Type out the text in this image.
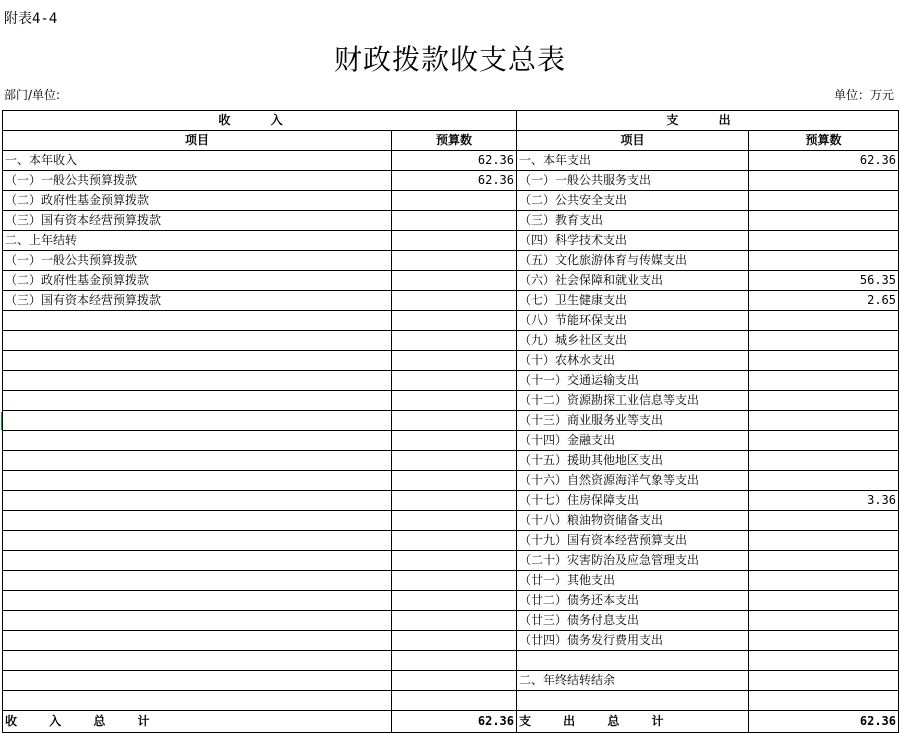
附表4-4
财政拨款收支总表
部门/单位:	单位：万元
收 入		支 出	
项目	预算数	项目	预算数
一、本年收入	62.36	一、本年支出	62.36
（一）一般公共预算拨款	62.36	（一）一般公共服务支出	
（二）政府性基金预算拨款		（二）公共安全支出	
（三）国有资本经营预算拨款		（三）教育支出	
二、上年结转		（四）科学技术支出	
（一）一般公共预算拨款		（五）文化旅游体育与传媒支出	
（二）政府性基金预算拨款		（六）社会保障和就业支出	56.35
（三）国有资本经营预算拨款		（七）卫生健康支出	2.65
		（八）节能环保支出	
		（九）城乡社区支出	
		（十）农林水支出	
		（十一）交通运输支出	
		（十二）资源勘探工业信息等支出	
		（十三）商业服务业等支出	
		（十四）金融支出	
		（十五）援助其他地区支出	
		（十六）自然资源海洋气象等支出	
		（十七）住房保障支出	3.36
		（十八）粮油物资储备支出	
		（十九）国有资本经营预算支出	
		（二十）灾害防治及应急管理支出	
		（廿一）其他支出	
		（廿二）债务还本支出	
		（廿三）债务付息支出	
		（廿四）债务发行费用支出	

		二、年终结转结余	

收 入 总 计	62.36	支 出 总 计	62.36
